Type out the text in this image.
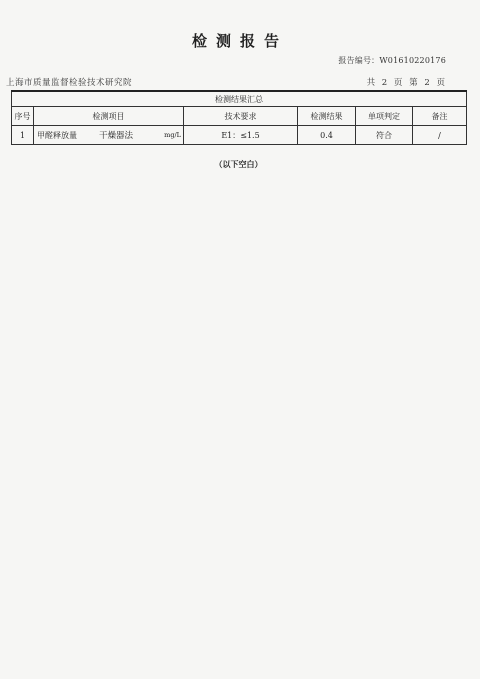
检测报告
报告编号：W01610220176
上海市质量监督检验技术研究院	共 2 页 第 2 页
检测结果汇总					
序号	检测项目	技术要求	检测结果	单项判定	备注
1	甲醛释放量 干燥器法 mg/L	E1：≤1.5	0.4	符合	/
（以下空白）
